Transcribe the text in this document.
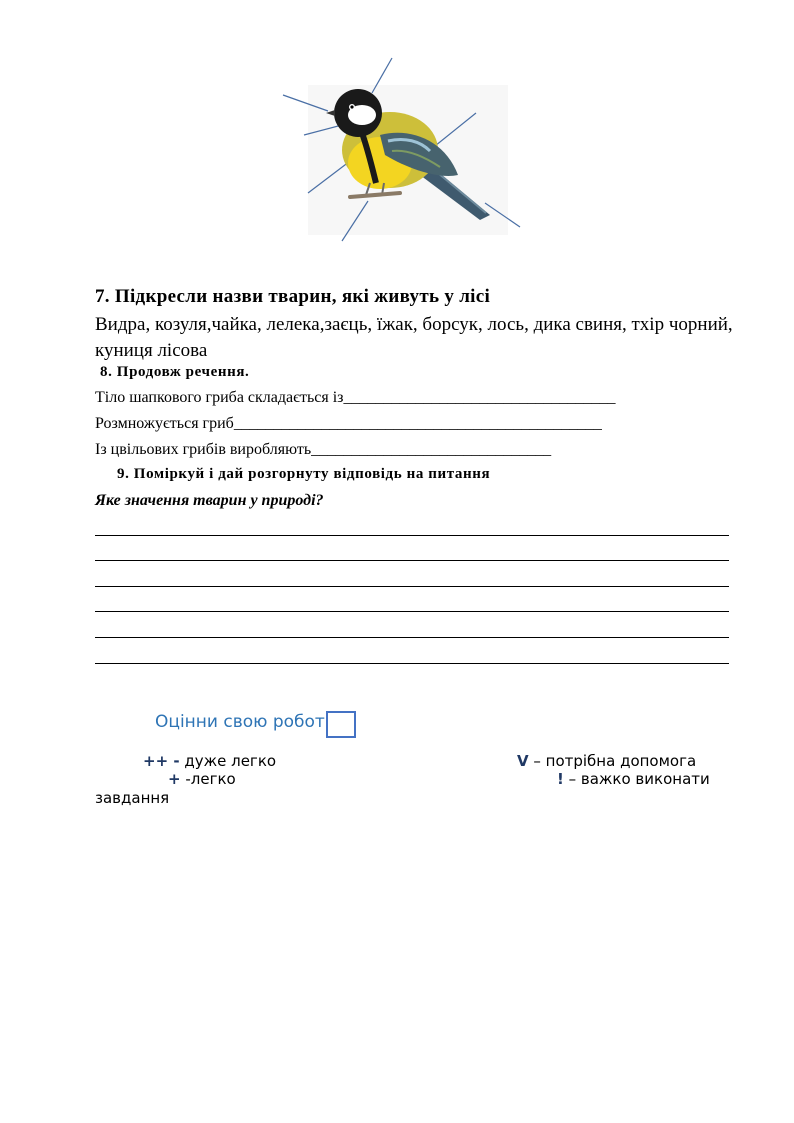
7. Підкресли назви тварин, які живуть у лісі
Видра, козуля,чайка, лелека,заєць, їжак, борсук, лось, дика свиня, тхір чорний, куниця лісова
8. Продовж речення.
Тіло шапкового гриба складається із__________________________________
Розмножується гриб______________________________________________
Із цвільових грибів виробляють______________________________
9. Поміркуй і дай розгорнуту відповідь на питання
Яке значення тварин у природі?
Оцінни свою робот
++ - дуже легко
+ -легко
V – потрібна допомога
! – важко виконати
завдання
